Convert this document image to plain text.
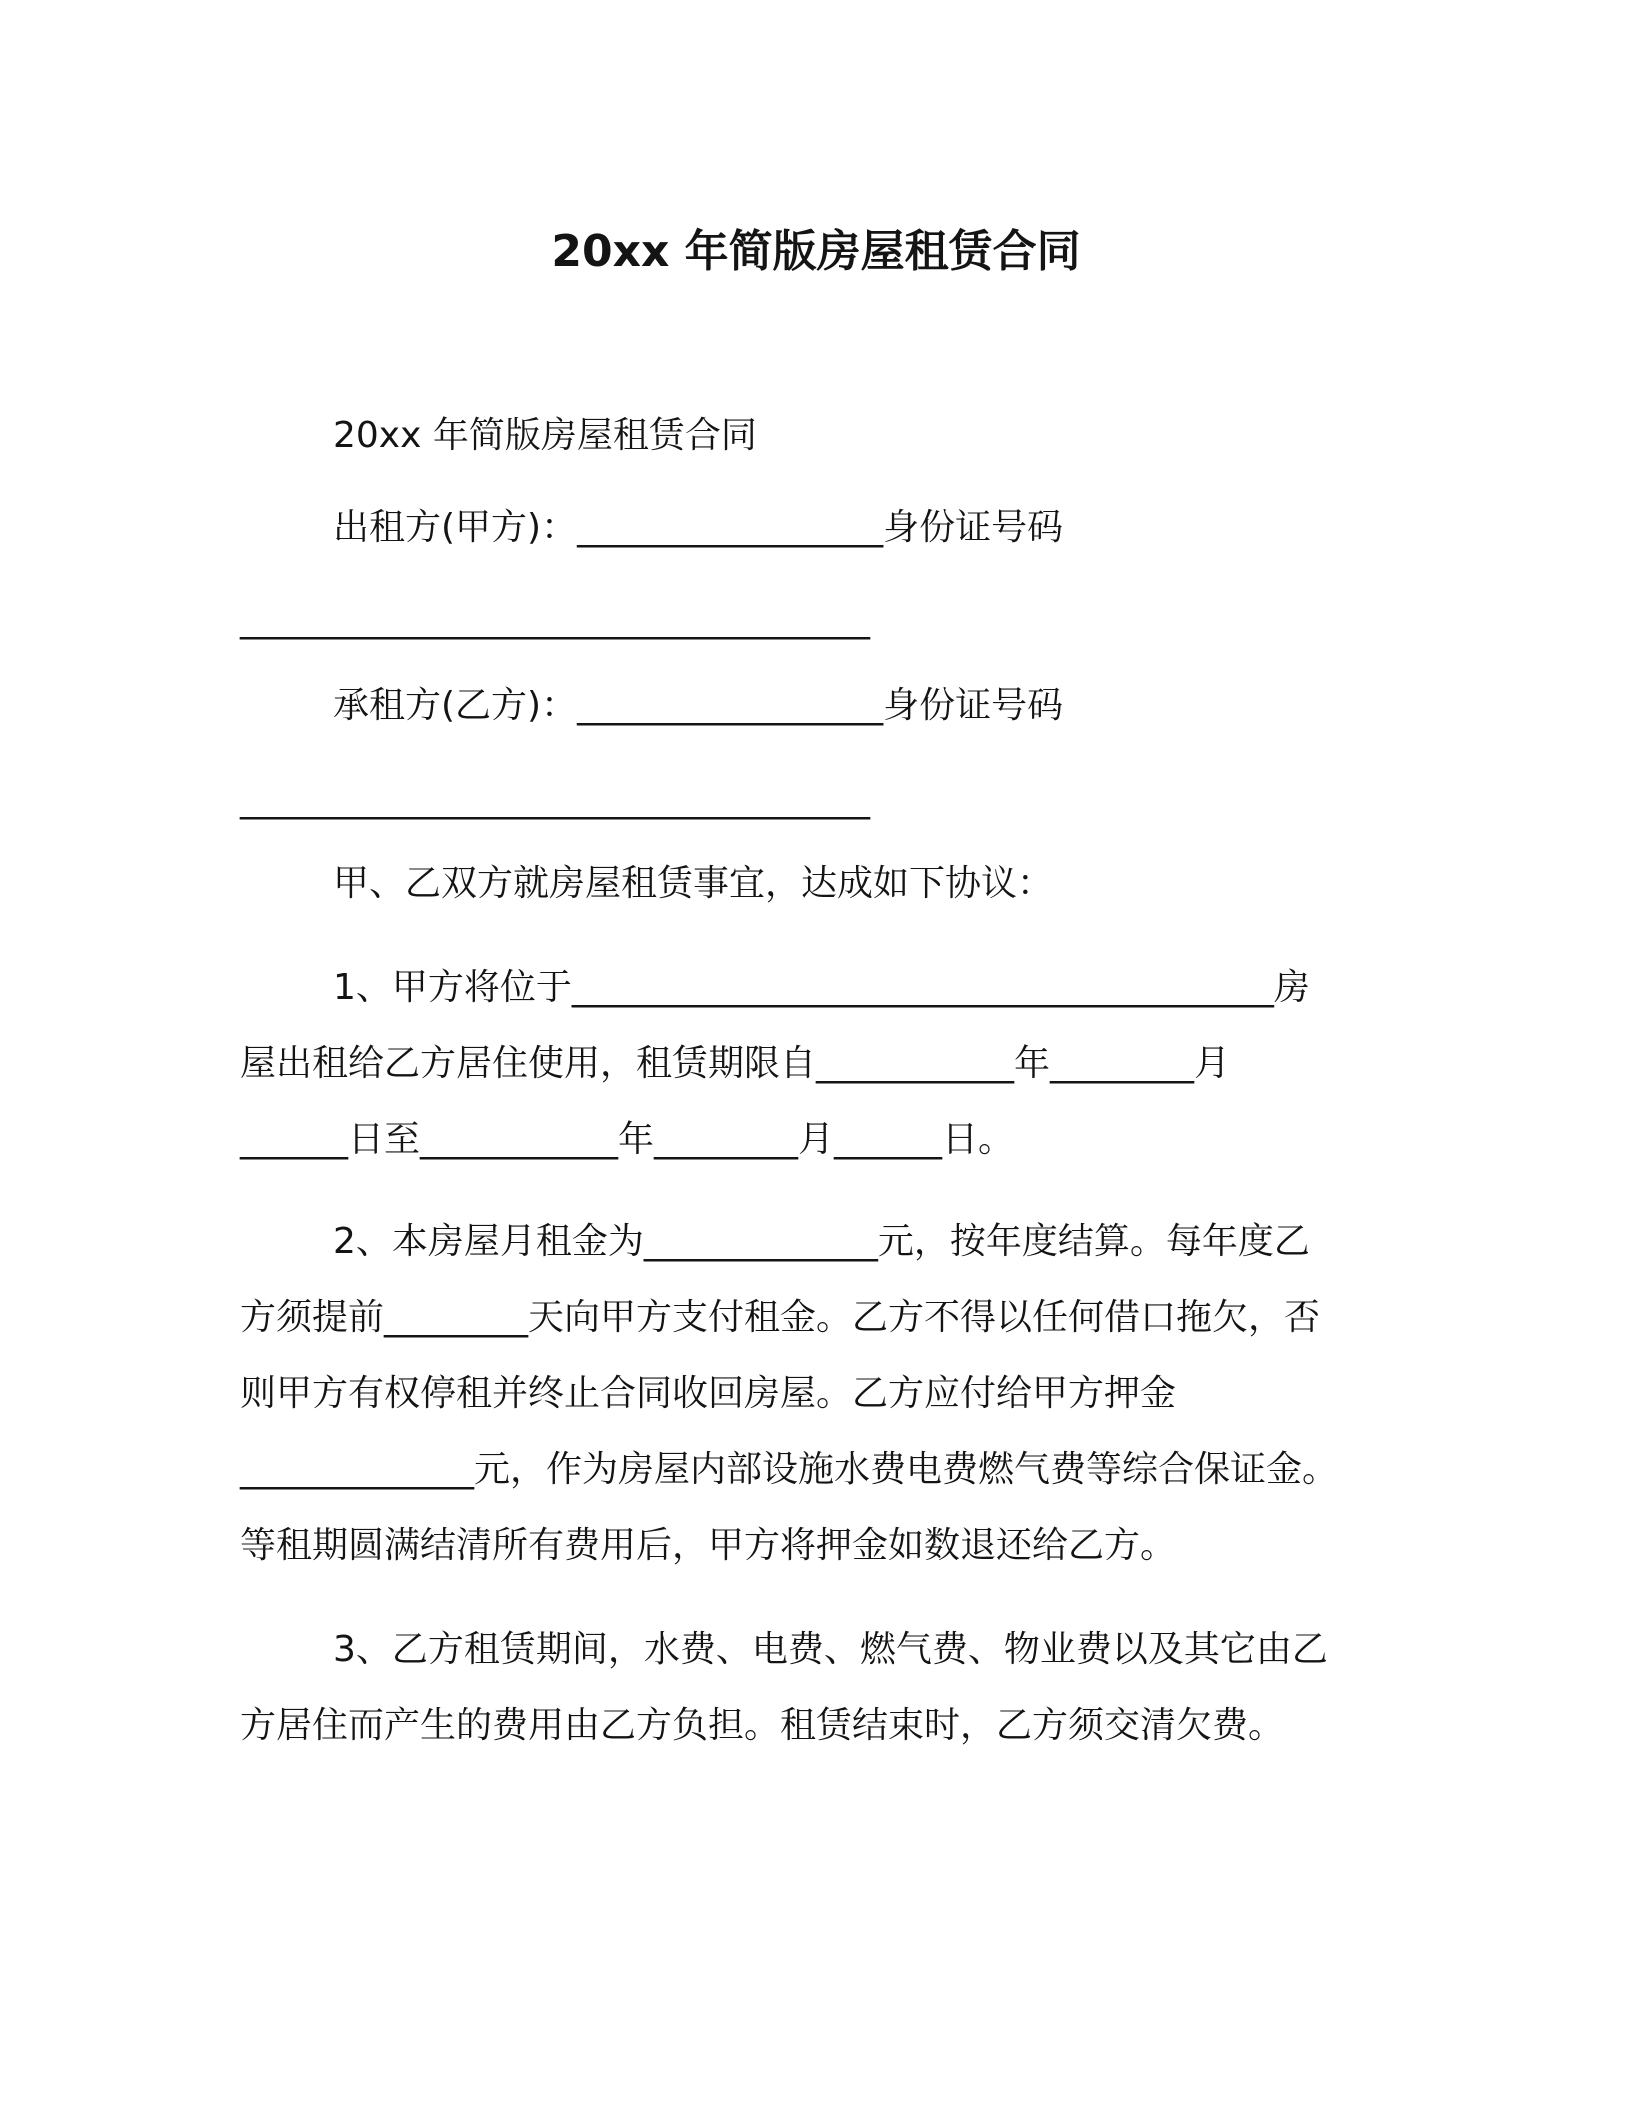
20xx 年简版房屋租赁合同
20xx 年简版房屋租赁合同
出租方(甲方)：_________________身份证号码
___________________________________
承租方(乙方)：_________________身份证号码
___________________________________
甲、乙双方就房屋租赁事宜，达成如下协议：
1、甲方将位于_______________________________________房
屋出租给乙方居住使用，租赁期限自___________年________月
______日至___________年________月______日。
2、本房屋月租金为_____________元，按年度结算。每年度乙
方须提前________天向甲方支付租金。乙方不得以任何借口拖欠，否
则甲方有权停租并终止合同收回房屋。乙方应付给甲方押金
_____________元，作为房屋内部设施水费电费燃气费等综合保证金。
等租期圆满结清所有费用后，甲方将押金如数退还给乙方。
3、乙方租赁期间，水费、电费、燃气费、物业费以及其它由乙
方居住而产生的费用由乙方负担。租赁结束时，乙方须交清欠费。
